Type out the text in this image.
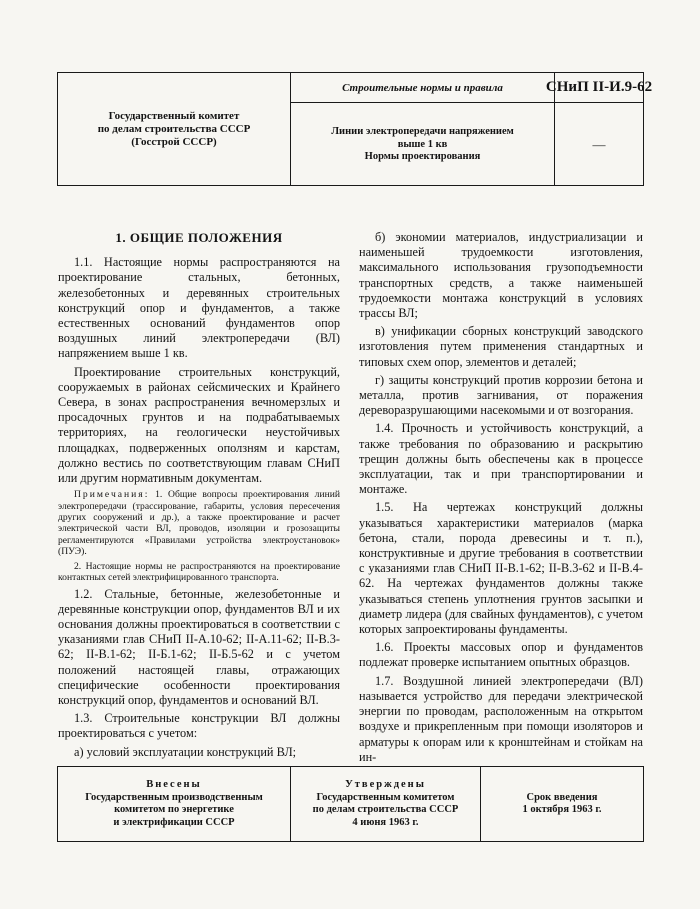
Государственный комитет
по делам строительства СССР
(Госстрой СССР)
Строительные нормы и правила
Линии электропередачи напряжением
выше 1 кв
Нормы проектирования
СНиП II-И.9-62
—
1. ОБЩИЕ ПОЛОЖЕНИЯ

1.1. Настоящие нормы распространяются на проектирование стальных, бетонных, железобетонных и деревянных строительных конструкций опор и фундаментов, а также естественных оснований фундаментов опор воздушных линий электропередачи (ВЛ) напряжением выше 1 кв.

Проектирование строительных конструкций, сооружаемых в районах сейсмических и Крайнего Севера, в зонах распространения вечномерзлых и просадочных грунтов и на подрабатываемых территориях, на геологически неустойчивых площадках, подверженных оползням и карстам, должно вестись по соответствующим главам СНиП или другим нормативным документам.

Примечания: 1. Общие вопросы проектирования линий электропередачи (трассирование, габариты, условия пересечения других сооружений и др.), а также проектирование и расчет электрической части ВЛ, проводов, изоляции и грозозащиты регламентируются «Правилами устройства электроустановок» (ПУЭ).

2. Настоящие нормы не распространяются на проектирование контактных сетей электрифицированного транспорта.

1.2. Стальные, бетонные, железобетонные и деревянные конструкции опор, фундаментов ВЛ и их основания должны проектироваться в соответствии с указаниями глав СНиП II-А.10-62; II-А.11-62; II-В.3-62; II-В.1-62; II-Б.1-62; II-Б.5-62 и с учетом положений настоящей главы, отражающих специфические особенности проектирования конструкций опор, фундаментов и оснований ВЛ.

1.3. Строительные конструкции ВЛ должны проектироваться с учетом:

а) условий эксплуатации конструкций ВЛ;

б) экономии материалов, индустриализации и наименьшей трудоемкости изготовления, максимального использования грузоподъемности транспортных средств, а также наименьшей трудоемкости монтажа конструкций в условиях трассы ВЛ;

в) унификации сборных конструкций заводского изготовления путем применения стандартных и типовых схем опор, элементов и деталей;

г) защиты конструкций против коррозии бетона и металла, против загнивания, от поражения дереворазрушающими насекомыми и от возгорания.

1.4. Прочность и устойчивость конструкций, а также требования по образованию и раскрытию трещин должны быть обеспечены как в процессе эксплуатации, так и при транспортировании и монтаже.

1.5. На чертежах конструкций должны указываться характеристики материалов (марка бетона, стали, порода древесины и т. п.), конструктивные и другие требования в соответствии с указаниями глав СНиП II-В.1-62; II-В.3-62 и II-В.4-62. На чертежах фундаментов должны также указываться степень уплотнения грунтов засыпки и диаметр лидера (для свайных фундаментов), с учетом которых запроектированы фундаменты.

1.6. Проекты массовых опор и фундаментов подлежат проверке испытанием опытных образцов.

1.7. Воздушной линией электропередачи (ВЛ) называется устройство для передачи электрической энергии по проводам, расположенным на открытом воздухе и прикрепленным при помощи изоляторов и арматуры к опорам или к кронштейнам и стойкам на ин-

Внесены
Государственным производственным
комитетом по энергетике
и электрификации СССР
Утверждены
Государственным комитетом
по делам строительства СССР
4 июня 1963 г.
Срок введения
1 октября 1963 г.
